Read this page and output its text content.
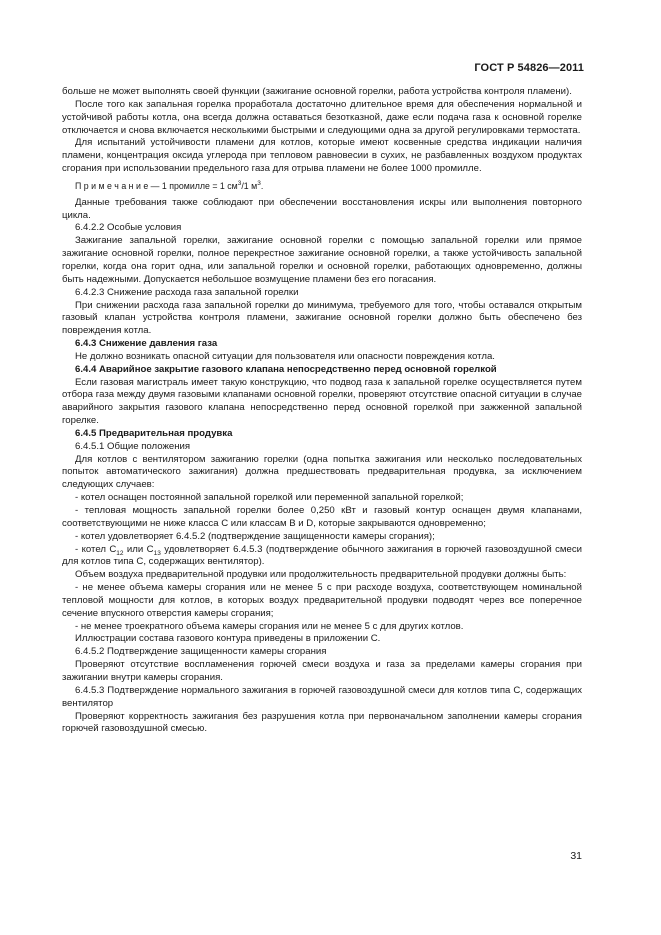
ГОСТ Р 54826—2011

больше не может выполнять своей функции (зажигание основной горелки, работа устройства контроля пламени).

После того как запальная горелка проработала достаточно длительное время для обеспечения нормальной и устойчивой работы котла, она всегда должна оставаться безотказной, даже если подача газа к основной горелке отключается и снова включается несколькими быстрыми и следующими одна за другой регулировками термостата.

Для испытаний устойчивости пламени для котлов, которые имеют косвенные средства индикации наличия пламени, концентрация оксида углерода при тепловом равновесии в сухих, не разбавленных воздухом продуктах сгорания при использовании предельного газа для отрыва пламени не более 1000 промилле.

П р и м е ч а н и е — 1 промилле = 1 $см^3/1$ $м^3$.

Данные требования также соблюдают при обеспечении восстановления искры или выполнения повторного цикла.

6.4.2.2 Особые условия

Зажигание запальной горелки, зажигание основной горелки с помощью запальной горелки или прямое зажигание основной горелки, полное перекрестное зажигание основной горелки, а также устойчивость запальной горелки, когда она горит одна, или запальной горелки и основной горелки, работающих одновременно, должны быть надежными. Допускается небольшое возмущение пламени без его погасания.

6.4.2.3 Снижение расхода газа запальной горелки

При снижении расхода газа запальной горелки до минимума, требуемого для того, чтобы оставался открытым газовый клапан устройства контроля пламени, зажигание основной горелки должно быть обеспечено без повреждения котла.

6.4.3 Снижение давления газа

Не должно возникать опасной ситуации для пользователя или опасности повреждения котла.

6.4.4 Аварийное закрытие газового клапана непосредственно перед основной горелкой

Если газовая магистраль имеет такую конструкцию, что подвод газа к запальной горелке осуществляется путем отбора газа между двумя газовыми клапанами основной горелки, проверяют отсутствие опасной ситуации в случае аварийного закрытия газового клапана непосредственно перед основной горелкой при зажженной запальной горелке.

6.4.5 Предварительная продувка

6.4.5.1 Общие положения

Для котлов с вентилятором зажиганию горелки (одна попытка зажигания или несколько последовательных попыток автоматического зажигания) должна предшествовать предварительная продувка, за исключением следующих случаев:

- котел оснащен постоянной запальной горелкой или переменной запальной горелкой;

- тепловая мощность запальной горелки более 0,250 кВт и газовый контур оснащен двумя клапанами, соответствующими не ниже класса С или классам В и D, которые закрываются одновременно;

- котел удовлетворяет 6.4.5.2 (подтверждение защищенности камеры сгорания);

- котел $С_{12}$ или $С_{13}$ удовлетворяет 6.4.5.3 (подтверждение обычного зажигания в горючей газовоздушной смеси для котлов типа С, содержащих вентилятор).

Объем воздуха предварительной продувки или продолжительность предварительной продувки должны быть:

- не менее объема камеры сгорания или не менее 5 с при расходе воздуха, соответствующем номинальной тепловой мощности для котлов, в которых воздух предварительной продувки подводят через все поперечное сечение впускного отверстия камеры сгорания;

- не менее троекратного объема камеры сгорания или не менее 5 с для других котлов.

Иллюстрации состава газового контура приведены в приложении С.

6.4.5.2 Подтверждение защищенности камеры сгорания

Проверяют отсутствие воспламенения горючей смеси воздуха и газа за пределами камеры сгорания при зажигании внутри камеры сгорания.

6.4.5.3 Подтверждение нормального зажигания в горючей газовоздушной смеси для котлов типа С, содержащих вентилятор

Проверяют корректность зажигания без разрушения котла при первоначальном заполнении камеры сгорания горючей газовоздушной смесью.

31
